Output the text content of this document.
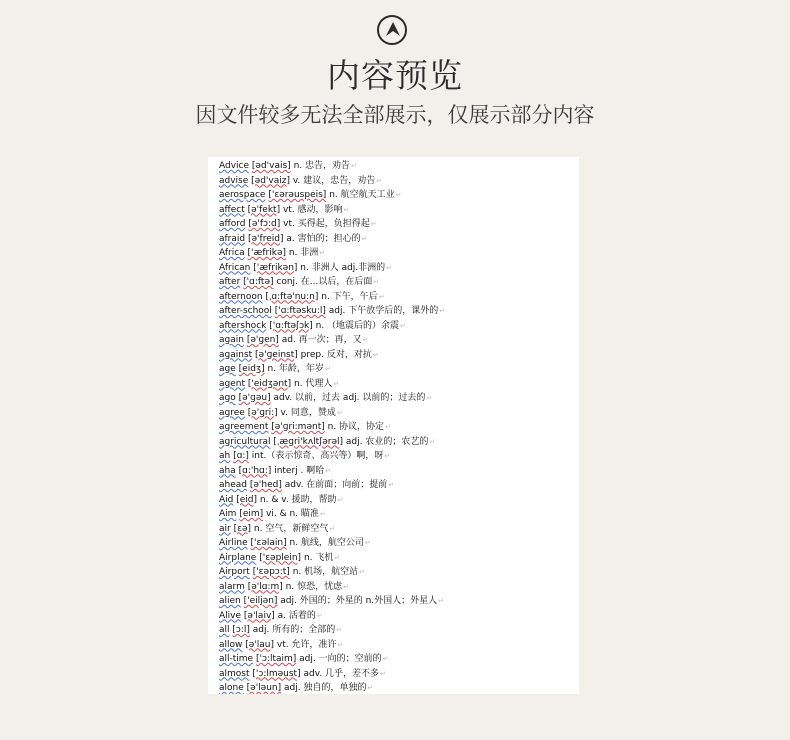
内容预览
因文件较多无法全部展示，仅展示部分内容
Advice [əd'vais] n. 忠告，劝告↵
advise [əd'vaiz] v. 建议，忠告，劝告↵
aerospace ['ɛərəuspeis] n. 航空航天工业↵
affect [ə'fekt] vt. 感动，影响↵
afford [ə'fɔ:d] vt. 买得起，负担得起↵
afraid [ə'freid] a. 害怕的；担心的↵
Africa ['æfrikə] n. 非洲↵
African ['æfrikən] n. 非洲人 adj.非洲的↵
after ['ɑ:ftə] conj. 在...以后，在后面↵
afternoon [ˌɑ:ftə'nu:n] n. 下午，午后↵
after-school ['ɑ:ftəsku:l] adj. 下午放学后的，课外的↵
aftershock ['ɑ:ftəʃɔk] n. （地震后的）余震↵
again [ə'ɡen] ad. 再一次；再，又↵
against [ə'ɡeinst] prep. 反对，对抗↵
age [eidʒ] n. 年龄，年岁↵
agent ['eidʒənt] n. 代理人↵
ago [ə'ɡəu] adv. 以前，过去 adj. 以前的；过去的↵
agree [ə'ɡri:] v. 同意，赞成↵
agreement [ə'ɡri:mənt] n. 协议，协定↵
agricultural [ˌæɡri'kʌltʃərəl] adj. 农业的；农艺的↵
ah [ɑ:] int.（表示惊奇、高兴等）啊，呀↵
aha [ɑ:'hɑ:] interj . 啊哈↵
ahead [ə'hed] adv. 在前面；向前；提前↵
Aid [eid] n. & v. 援助，帮助↵
Aim [eim] vi. & n. 瞄准↵
air [ɛə] n. 空气，新鲜空气↵
Airline ['ɛəlain] n. 航线，航空公司↵
Airplane ['ɛəplein] n. 飞机↵
Airport ['ɛəpɔ:t] n. 机场，航空站↵
alarm [ə'lɑ:m] n. 惊恐，忧虑↵
alien ['eiljən] adj. 外国的；外星的 n.外国人；外星人↵
Alive [ə'laiv] a. 活着的↵
all [ɔ:l] adj. 所有的；全部的↵
allow [ə'lau] vt. 允许，准许↵
all-time ['ɔ:ltaim] adj. 一向的；空前的↵
almost ['ɔ:lməust] adv. 几乎，差不多↵
alone [ə'ləun] adj. 独自的，单独的↵
